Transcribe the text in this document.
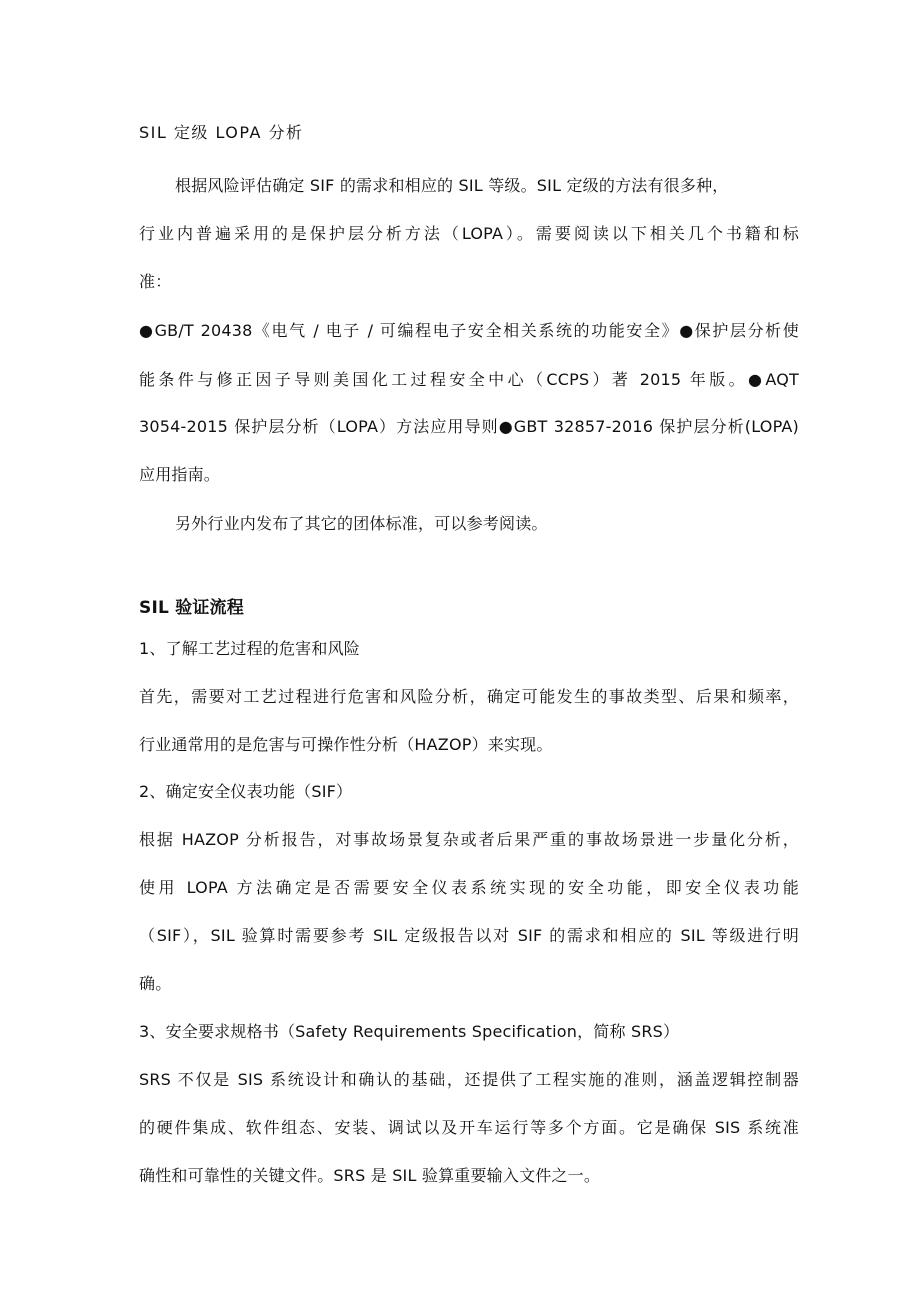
SIL 定级 LOPA 分析
根据风险评估确定 SIF 的需求和相应的 SIL 等级。SIL 定级的方法有很多种，
行业内普遍采用的是保护层分析方法（LOPA）。需要阅读以下相关几个书籍和标
准：
●GB/T 20438《电气 / 电子 / 可编程电子安全相关系统的功能安全》●保护层分析使
能条件与修正因子导则美国化工过程安全中心（CCPS）著 2015 年版。●AQT
3054-2015 保护层分析（LOPA）方法应用导则●GBT 32857-2016 保护层分析(LOPA)
应用指南。
另外行业内发布了其它的团体标准，可以参考阅读。
SIL 验证流程
1、了解工艺过程的危害和风险
首先，需要对工艺过程进行危害和风险分析，确定可能发生的事故类型、后果和频率，
行业通常用的是危害与可操作性分析（HAZOP）来实现。
2、确定安全仪表功能（SIF）
根据 HAZOP 分析报告，对事故场景复杂或者后果严重的事故场景进一步量化分析，
使用 LOPA 方法确定是否需要安全仪表系统实现的安全功能，即安全仪表功能
（SIF），SIL 验算时需要参考 SIL 定级报告以对 SIF 的需求和相应的 SIL 等级进行明
确。
3、安全要求规格书（Safety Requirements Specification，简称 SRS）
SRS 不仅是 SIS 系统设计和确认的基础，还提供了工程实施的准则，涵盖逻辑控制器
的硬件集成、软件组态、安装、调试以及开车运行等多个方面。它是确保 SIS 系统准
确性和可靠性的关键文件。SRS 是 SIL 验算重要输入文件之一。
